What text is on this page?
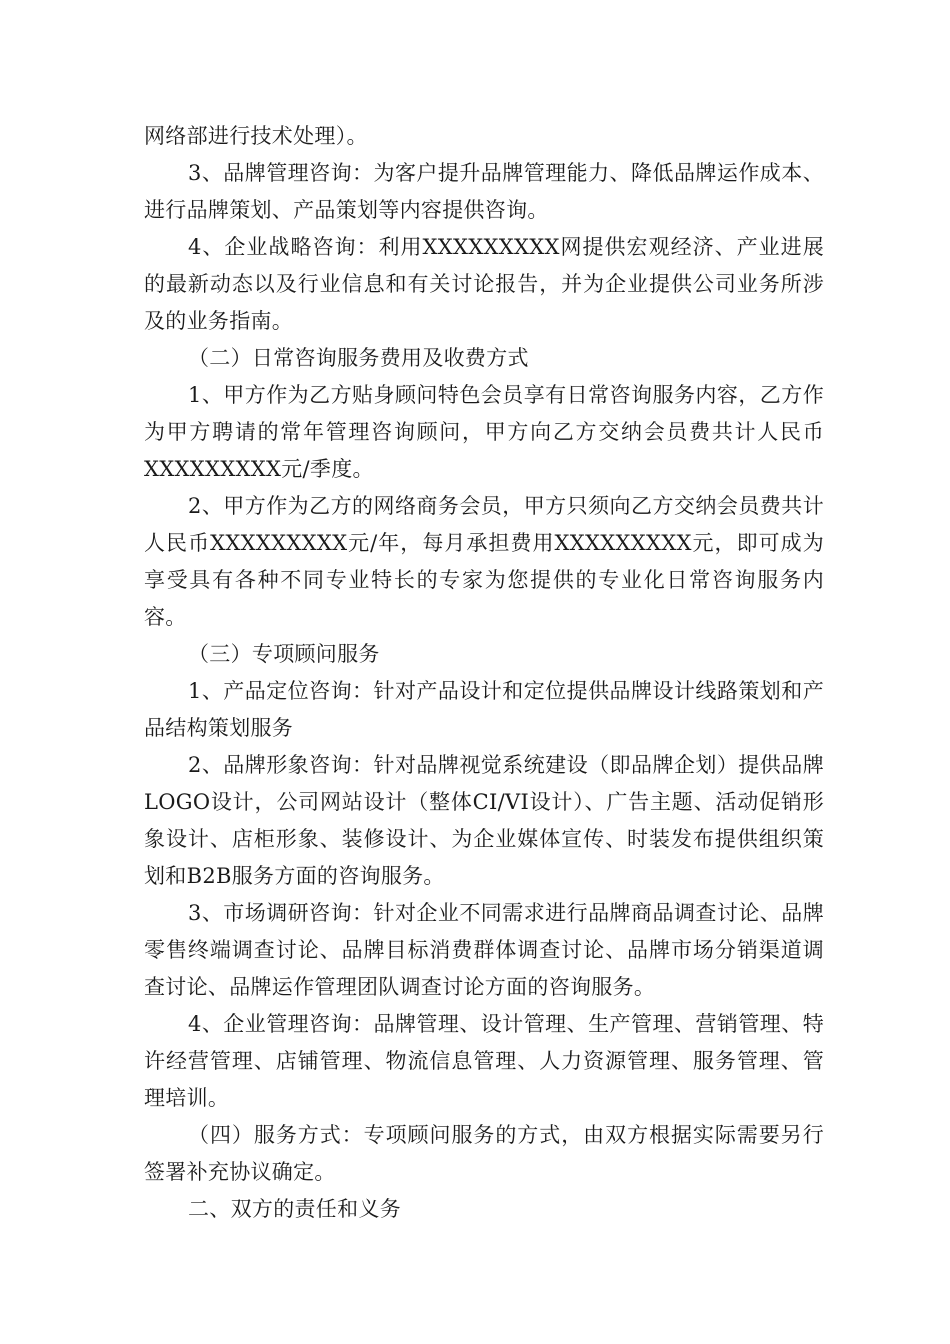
网络部进行技术处理）。

3、品牌管理咨询：为客户提升品牌管理能力、降低品牌运作成本、进行品牌策划、产品策划等内容提供咨询。

4、企业战略咨询：利用XXXXXXXXX网提供宏观经济、产业进展的最新动态以及行业信息和有关讨论报告，并为企业提供公司业务所涉及的业务指南。

（二）日常咨询服务费用及收费方式

1、甲方作为乙方贴身顾问特色会员享有日常咨询服务内容，乙方作为甲方聘请的常年管理咨询顾问，甲方向乙方交纳会员费共计人民币XXXXXXXXX元/季度。

2、甲方作为乙方的网络商务会员，甲方只须向乙方交纳会员费共计人民币XXXXXXXXX元/年，每月承担费用XXXXXXXXX元，即可成为享受具有各种不同专业特长的专家为您提供的专业化日常咨询服务内容。

（三）专项顾问服务

1、产品定位咨询：针对产品设计和定位提供品牌设计线路策划和产品结构策划服务

2、品牌形象咨询：针对品牌视觉系统建设（即品牌企划）提供品牌LOGO设计，公司网站设计（整体CI/VI设计）、广告主题、活动促销形象设计、店柜形象、装修设计、为企业媒体宣传、时装发布提供组织策划和B2B服务方面的咨询服务。

3、市场调研咨询：针对企业不同需求进行品牌商品调查讨论、品牌零售终端调查讨论、品牌目标消费群体调查讨论、品牌市场分销渠道调查讨论、品牌运作管理团队调查讨论方面的咨询服务。

4、企业管理咨询：品牌管理、设计管理、生产管理、营销管理、特许经营管理、店铺管理、物流信息管理、人力资源管理、服务管理、管理培训。

（四）服务方式：专项顾问服务的方式，由双方根据实际需要另行签署补充协议确定。

二、双方的责任和义务
